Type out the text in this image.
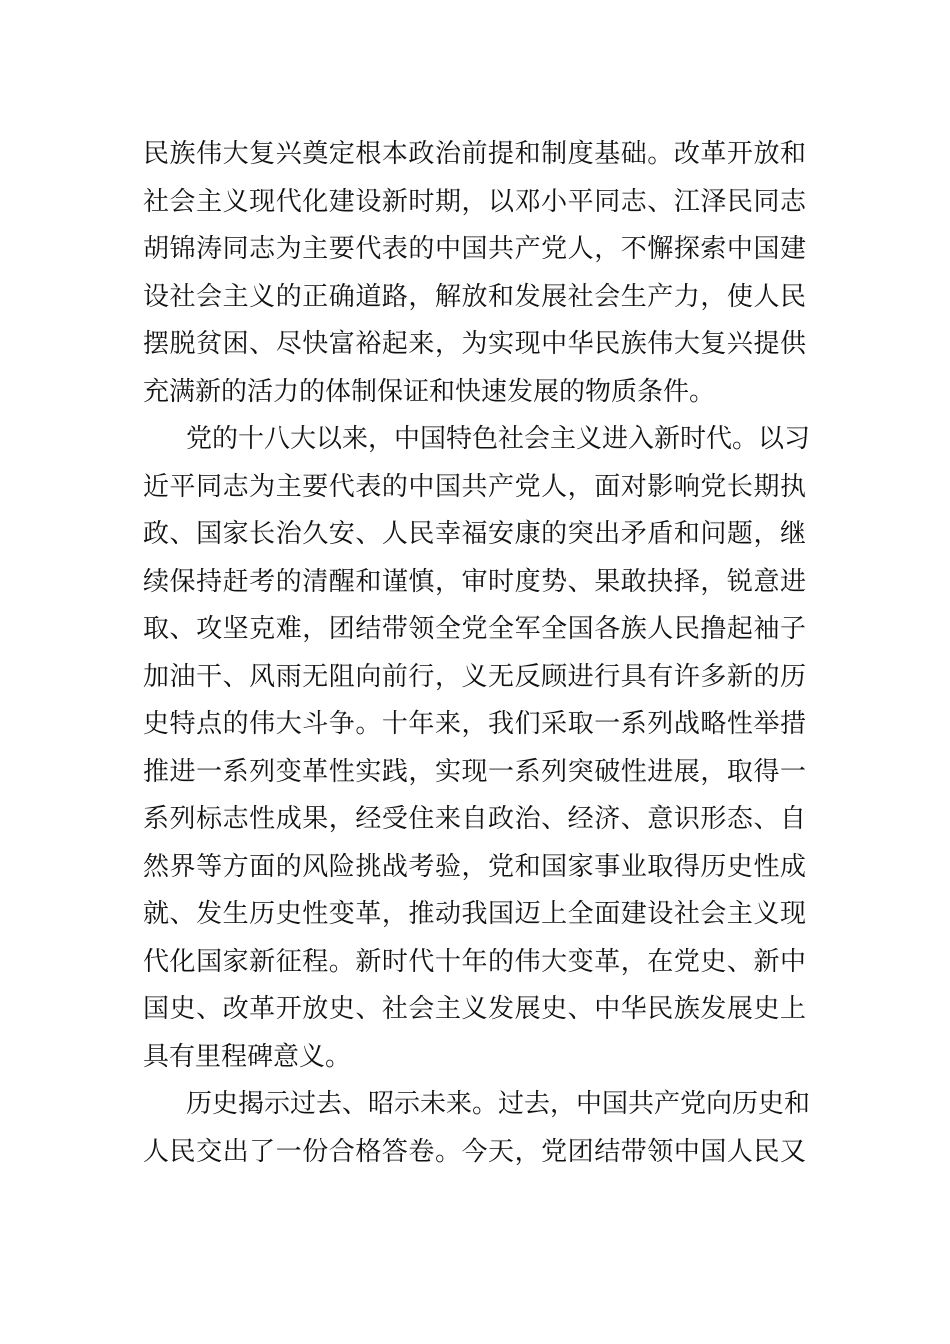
民族伟大复兴奠定根本政治前提和制度基础。改革开放和
社会主义现代化建设新时期，以邓小平同志、江泽民同志
胡锦涛同志为主要代表的中国共产党人，不懈探索中国建
设社会主义的正确道路，解放和发展社会生产力，使人民
摆脱贫困、尽快富裕起来，为实现中华民族伟大复兴提供
充满新的活力的体制保证和快速发展的物质条件。
党的十八大以来，中国特色社会主义进入新时代。以习
近平同志为主要代表的中国共产党人，面对影响党长期执
政、国家长治久安、人民幸福安康的突出矛盾和问题，继
续保持赶考的清醒和谨慎，审时度势、果敢抉择，锐意进
取、攻坚克难，团结带领全党全军全国各族人民撸起袖子
加油干、风雨无阻向前行，义无反顾进行具有许多新的历
史特点的伟大斗争。十年来，我们采取一系列战略性举措
推进一系列变革性实践，实现一系列突破性进展，取得一
系列标志性成果，经受住来自政治、经济、意识形态、自
然界等方面的风险挑战考验，党和国家事业取得历史性成
就、发生历史性变革，推动我国迈上全面建设社会主义现
代化国家新征程。新时代十年的伟大变革，在党史、新中
国史、改革开放史、社会主义发展史、中华民族发展史上
具有里程碑意义。
历史揭示过去、昭示未来。过去，中国共产党向历史和
人民交出了一份合格答卷。今天，党团结带领中国人民又
